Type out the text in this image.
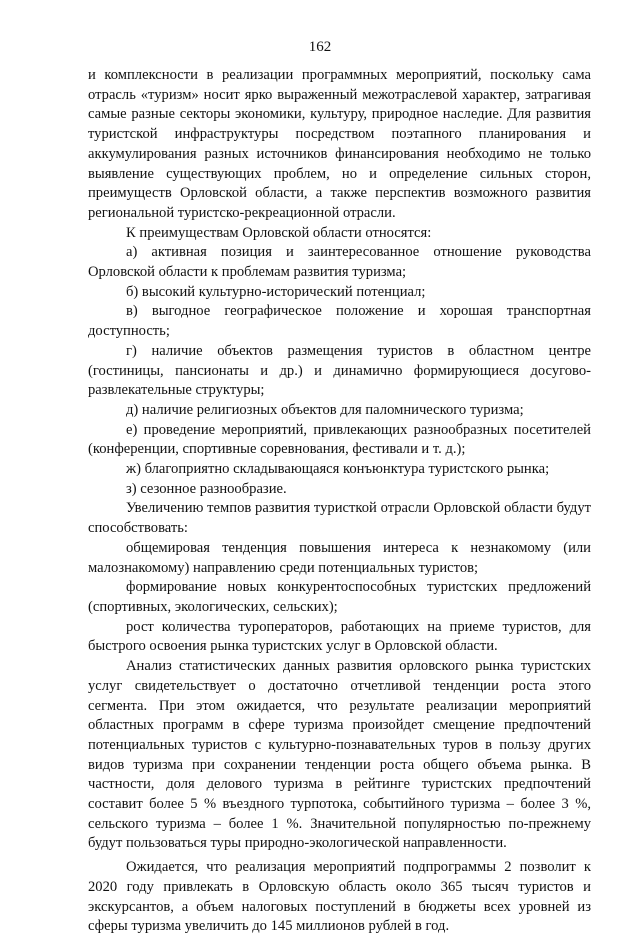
162

и комплексности в реализации программных мероприятий, поскольку сама отрасль «туризм» носит ярко выраженный межотраслевой характер, затрагивая самые разные секторы экономики, культуру, природное наследие. Для развития туристской инфраструктуры посредством поэтапного планирования и аккумулирования разных источников финансирования необходимо не только выявление существующих проблем, но и определение сильных сторон, преимуществ Орловской области, а также перспектив возможного развития региональной туристско-рекреационной отрасли.

К преимуществам Орловской области относятся:

а) активная позиция и заинтересованное отношение руководства Орловской области к проблемам развития туризма;

б) высокий культурно-исторический потенциал;

в) выгодное географическое положение и хорошая транспортная доступность;

г) наличие объектов размещения туристов в областном центре (гостиницы, пансионаты и др.) и динамично формирующиеся досугово-развлекательные структуры;

д) наличие религиозных объектов для паломнического туризма;

е) проведение мероприятий, привлекающих разнообразных посетителей (конференции, спортивные соревнования, фестивали и т. д.);

ж) благоприятно складывающаяся конъюнктура туристского рынка;

з) сезонное разнообразие.

Увеличению темпов развития туристкой отрасли Орловской области будут способствовать:

общемировая тенденция повышения интереса к незнакомому (или малознакомому) направлению среди потенциальных туристов;

формирование новых конкурентоспособных туристских предложений (спортивных, экологических, сельских);

рост количества туроператоров, работающих на приеме туристов, для быстрого освоения рынка туристских услуг в Орловской области.

Анализ статистических данных развития орловского рынка туристских услуг свидетельствует о достаточно отчетливой тенденции роста этого сегмента. При этом ожидается, что результате реализации мероприятий областных программ в сфере туризма произойдет смещение предпочтений потенциальных туристов с культурно-познавательных туров в пользу других видов туризма при сохранении тенденции роста общего объема рынка. В частности, доля делового туризма в рейтинге туристских предпочтений составит более 5 % въездного турпотока, событийного туризма – более 3 %, сельского туризма – более 1 %. Значительной популярностью по-прежнему будут пользоваться туры природно-экологической направленности.

Ожидается, что реализация мероприятий подпрограммы 2 позволит к 2020 году привлекать в Орловскую область около 365 тысяч туристов и экскурсантов, а объем налоговых поступлений в бюджеты всех уровней из сферы туризма увеличить до 145 миллионов рублей в год.
